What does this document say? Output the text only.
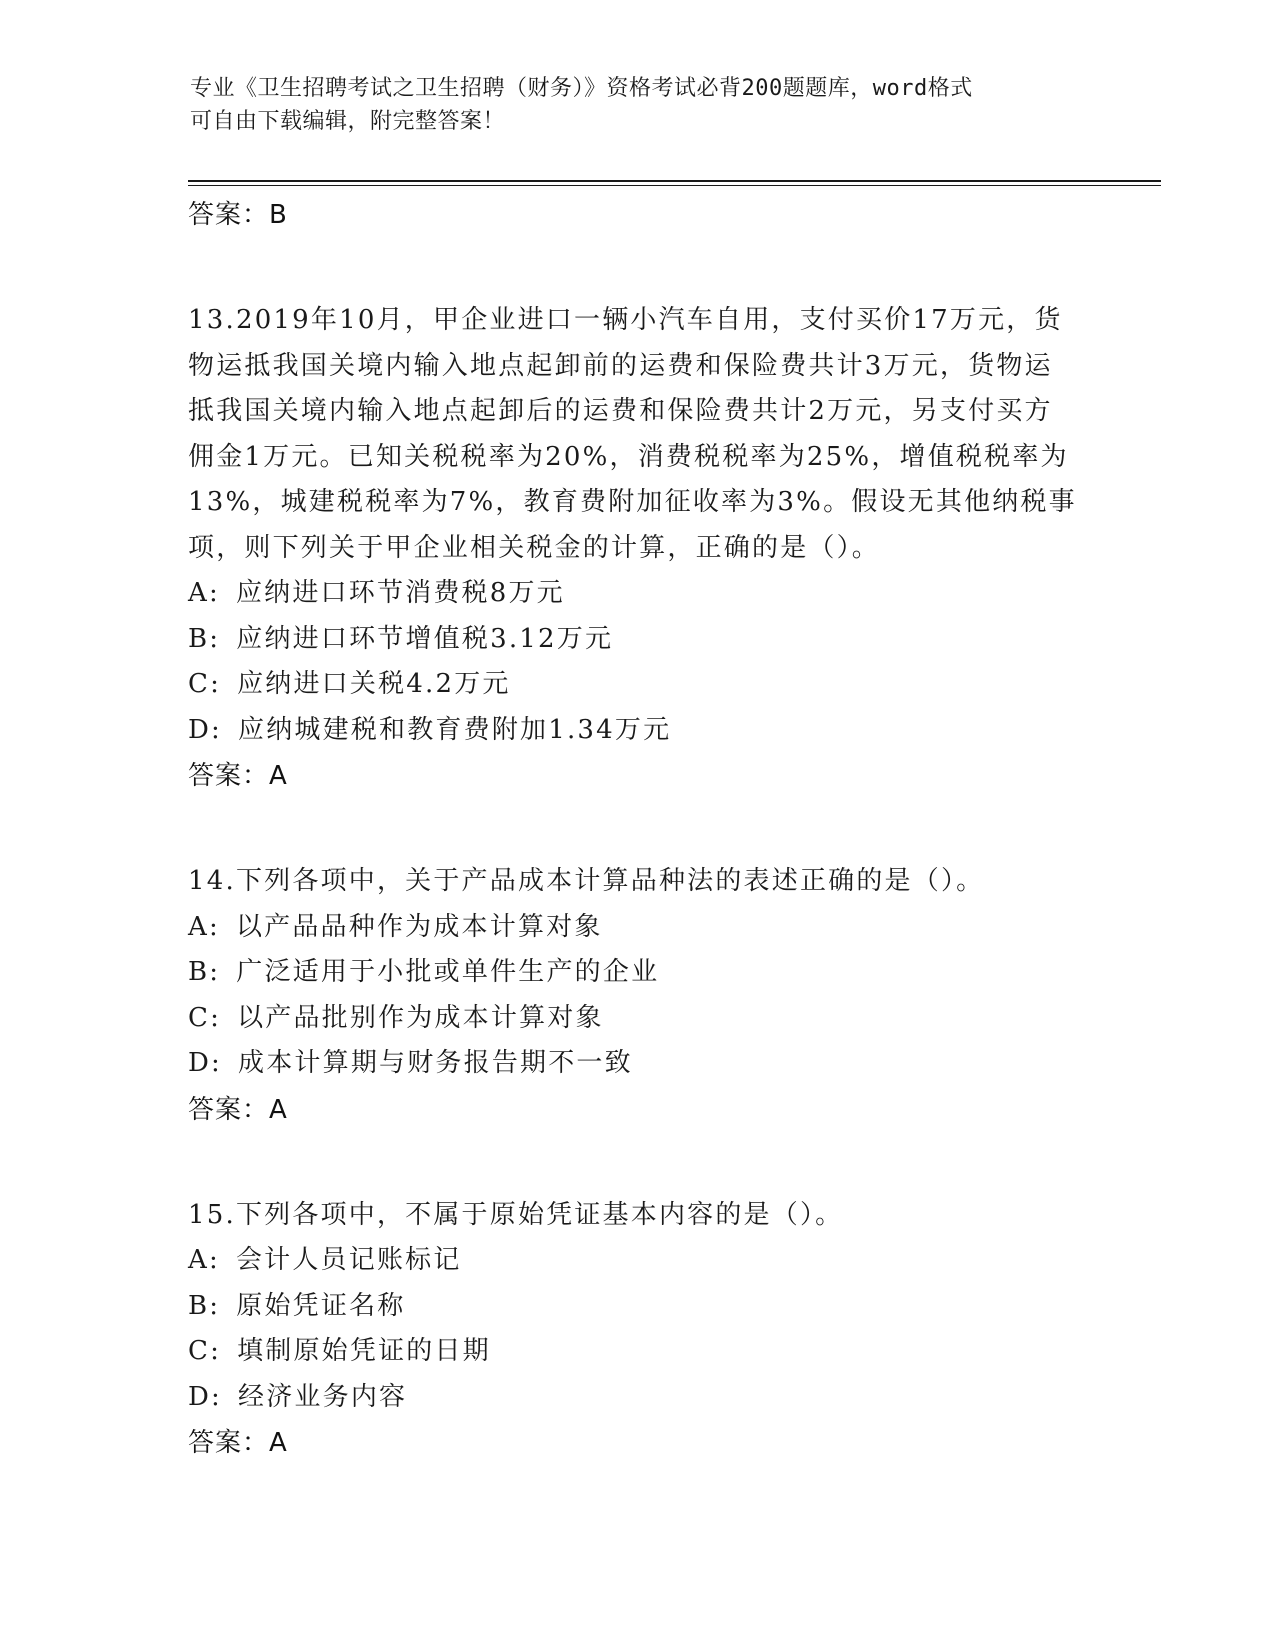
专业《卫生招聘考试之卫生招聘（财务）》资格考试必背200题题库，word格式
可自由下载编辑，附完整答案！
答案：B

13.2019年10月，甲企业进口一辆小汽车自用，支付买价17万元，货物运抵我国关境内输入地点起卸前的运费和保险费共计3万元，货物运抵我国关境内输入地点起卸后的运费和保险费共计2万元，另支付买方佣金1万元。已知关税税率为20%，消费税税率为25%，增值税税率为13%，城建税税率为7%，教育费附加征收率为3%。假设无其他纳税事项，则下列关于甲企业相关税金的计算，正确的是（）。

A: 应纳进口环节消费税8万元
B: 应纳进口环节增值税3.12万元
C: 应纳进口关税4.2万元
D: 应纳城建税和教育费附加1.34万元
答案：A

14.下列各项中，关于产品成本计算品种法的表述正确的是（）。

A: 以产品品种作为成本计算对象
B: 广泛适用于小批或单件生产的企业
C: 以产品批别作为成本计算对象
D: 成本计算期与财务报告期不一致
答案：A

15.下列各项中，不属于原始凭证基本内容的是（）。

A: 会计人员记账标记
B: 原始凭证名称
C: 填制原始凭证的日期
D: 经济业务内容
答案：A
